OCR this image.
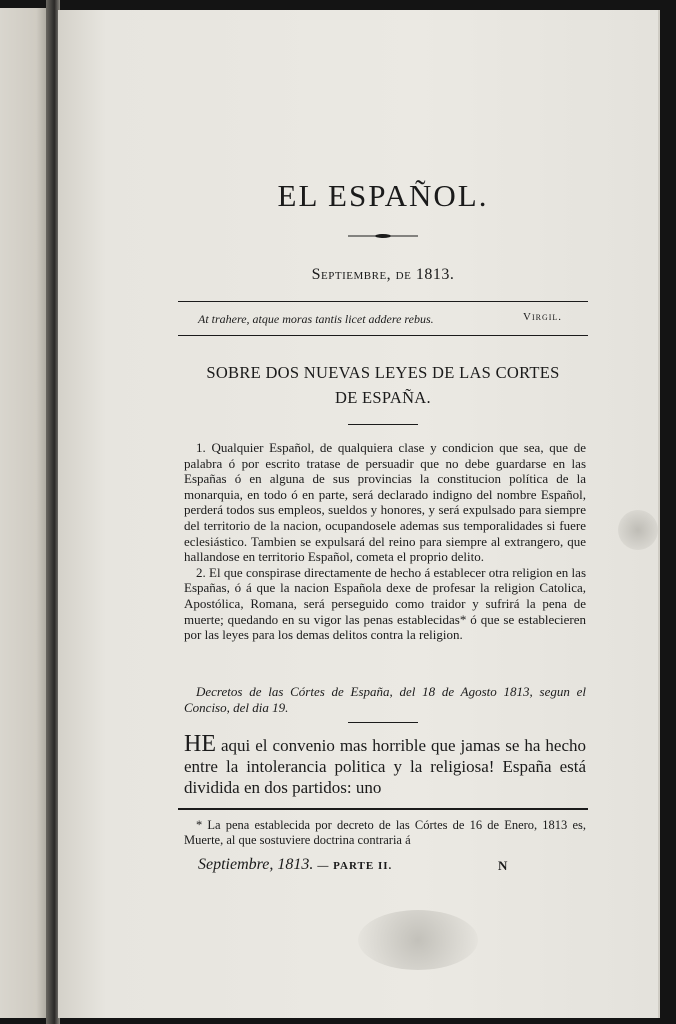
EL ESPAÑOL.
Septiembre, de 1813.
At trahere, atque moras tantis licet addere rebus.	Virgil.
SOBRE DOS NUEVAS LEYES DE LAS CORTES
DE ESPAÑA.

1. Qualquier Español, de qualquiera clase y condicion que sea, que de palabra ó por escrito tratase de persuadir que no debe guardarse en las Españas ó en alguna de sus provincias la constitucion política de la monarquia, en todo ó en parte, será declarado indigno del nombre Español, perderá todos sus empleos, sueldos y honores, y será expulsado para siempre del territorio de la nacion, ocupandosele ademas sus temporalidades si fuere eclesiástico. Tambien se expulsará del reino para siempre al extrangero, que hallandose en territorio Español, cometa el proprio delito.

2. El que conspirase directamente de hecho á establecer otra religion en las Españas, ó á que la nacion Española dexe de profesar la religion Catolica, Apostólica, Romana, será perseguido como traidor y sufrirá la pena de muerte; quedando en su vigor las penas establecidas* ó que se establecieren por las leyes para los demas delitos contra la religion.

Decretos de las Córtes de España, del 18 de Agosto 1813, segun el Conciso, del dia 19.
HE aqui el convenio mas horrible que jamas se ha hecho entre la intolerancia politica y la religiosa! España está dividida en dos partidos: uno
* La pena establecida por decreto de las Córtes de 16 de Enero, 1813 es, Muerte, al que sostuviere doctrina contraria á
Septiembre, 1813. — PARTE II.	N
